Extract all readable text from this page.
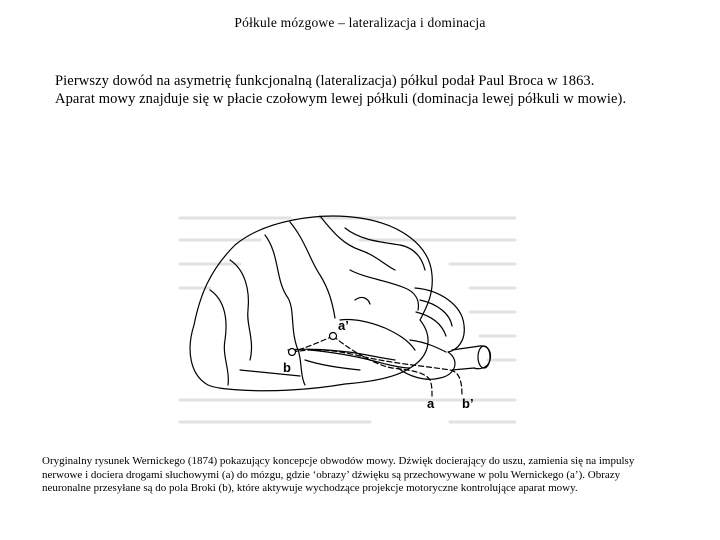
Półkule mózgowe – lateralizacja i dominacja
Pierwszy dowód na asymetrię funkcjonalną (lateralizacja) półkul podał Paul Broca w 1863.
Aparat mowy znajduje się w płacie czołowym lewej półkuli (dominacja lewej półkuli w mowie).
a’
b
a b’
Oryginalny rysunek Wernickego (1874) pokazujący koncepcje obwodów mowy. Dźwięk docierający do uszu, zamienia się na impulsy nerwowe i dociera drogami słuchowymi (a) do mózgu, gdzie ‘obrazy’ dźwięku są przechowywane w polu Wernickego (a’). Obrazy neuronalne przesyłane są do pola Broki (b), które aktywuje wychodzące projekcje motoryczne kontrolujące aparat mowy.
